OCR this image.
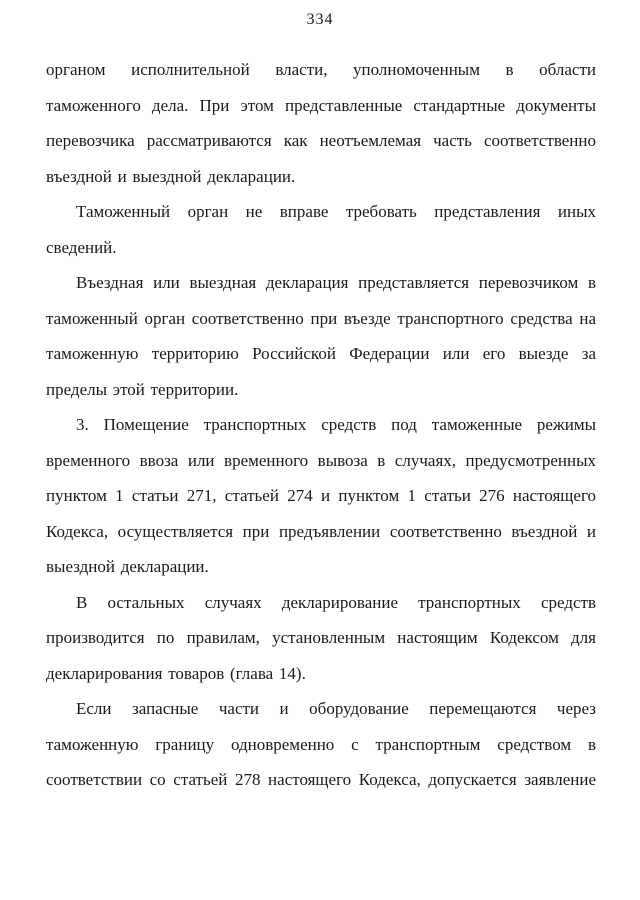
334

органом исполнительной власти, уполномоченным в области таможенного дела. При этом представленные стандартные документы перевозчика рассматриваются как неотъемлемая часть соответственно въездной и выездной декларации.

Таможенный орган не вправе требовать представления иных сведений.

Въездная или выездная декларация представляется перевозчиком в таможенный орган соответственно при въезде транспортного средства на таможенную территорию Российской Федерации или его выезде за пределы этой территории.

3. Помещение транспортных средств под таможенные режимы временного ввоза или временного вывоза в случаях, предусмотренных пунктом 1 статьи 271, статьей 274 и пунктом 1 статьи 276 настоящего Кодекса, осуществляется при предъявлении соответственно въездной и выездной декларации.

В остальных случаях декларирование транспортных средств производится по правилам, установленным настоящим Кодексом для декларирования товаров (глава 14).

Если запасные части и оборудование перемещаются через таможенную границу одновременно с транспортным средством в соответствии со статьей 278 настоящего Кодекса, допускается заявление
